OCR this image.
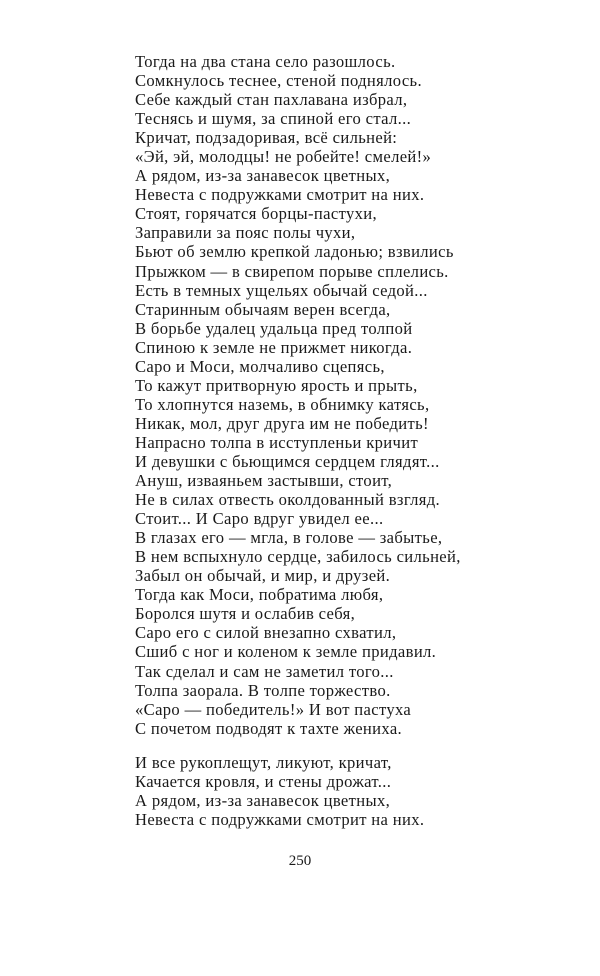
Тогда на два стана село разошлось.
Сомкнулось теснее, стеной поднялось.
Себе каждый стан пахлавана избрал,
Теснясь и шумя, за спиной его стал...
Кричат, подзадоривая, всё сильней:
«Эй, эй, молодцы! не робейте! смелей!»
А рядом, из-за занавесок цветных,
Невеста с подружками смотрит на них.
Стоят, горячатся борцы-пастухи,
Заправили за пояс полы чухи,
Бьют об землю крепкой ладонью; взвились
Прыжком — в свирепом порыве сплелись.
Есть в темных ущельях обычай седой...
Старинным обычаям верен всегда,
В борьбе удалец удальца пред толпой
Спиною к земле не прижмет никогда.
Саро и Моси, молчаливо сцепясь,
То кажут притворную ярость и прыть,
То хлопнутся наземь, в обнимку катясь,
Никак, мол, друг друга им не победить!
Напрасно толпа в исступленьи кричит
И девушки с бьющимся сердцем глядят...
Ануш, изваяньем застывши, стоит,
Не в силах отвесть околдованный взгляд.
Стоит... И Саро вдруг увидел ее...
В глазах его — мгла, в голове — забытье,
В нем вспыхнуло сердце, забилось сильней,
Забыл он обычай, и мир, и друзей.
Тогда как Моси, побратима любя,
Боролся шутя и ослабив себя,
Саро его с силой внезапно схватил,
Сшиб с ног и коленом к земле придавил.
Так сделал и сам не заметил того...
Толпа заорала. В толпе торжество.
«Саро — победитель!» И вот пастуха
С почетом подводят к тахте жениха.
И все рукоплещут, ликуют, кричат,
Качается кровля, и стены дрожат...
А рядом, из-за занавесок цветных,
Невеста с подружками смотрит на них.
250
